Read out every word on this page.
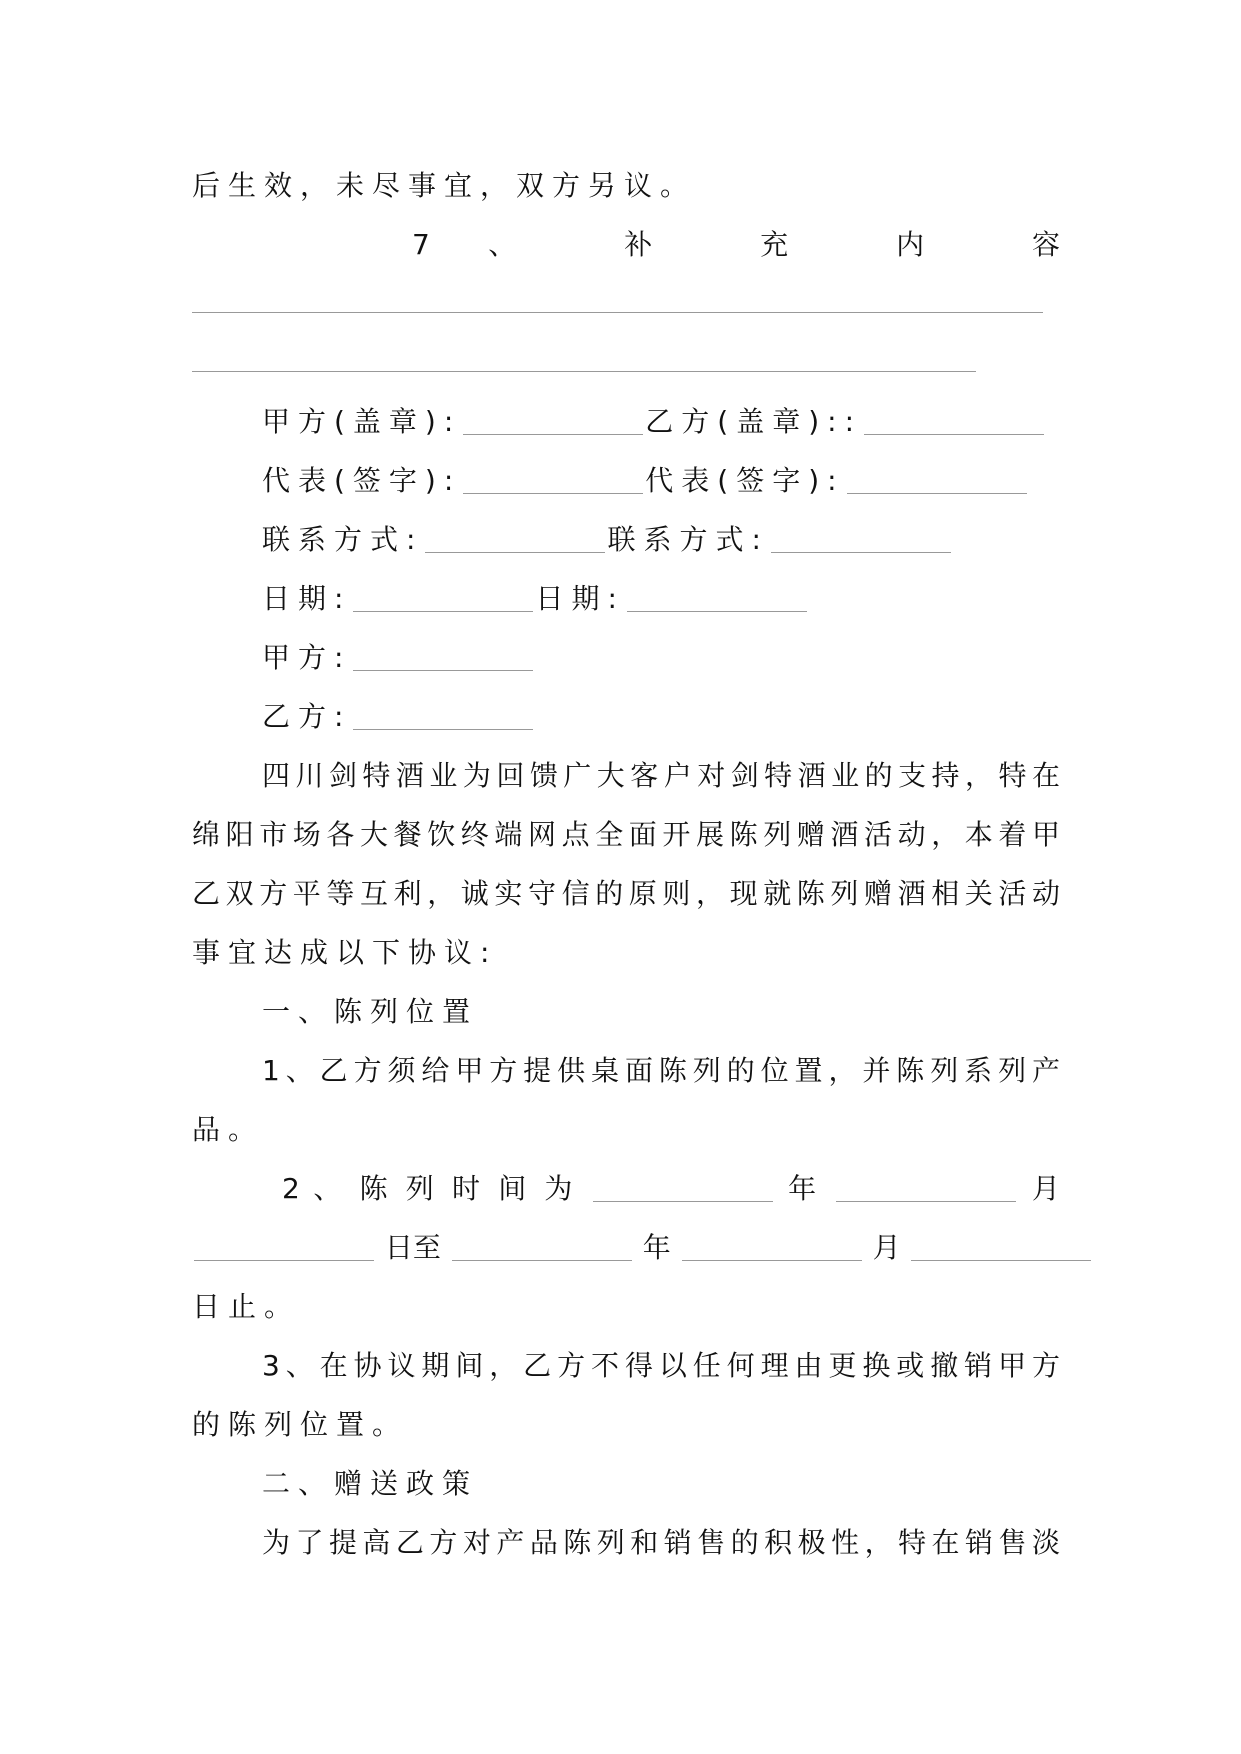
后生效，未尽事宜，双方另议。
7 、 补 充 内 容
甲方(盖章):	乙方(盖章)::
代表(签字):	代表(签字):
联系方式:	联系方式:
日期:	日期:
甲方:
乙方:
四川剑特酒业为回馈广大客户对剑特酒业的支持，特在
绵阳市场各大餐饮终端网点全面开展陈列赠酒活动，本着甲
乙双方平等互利，诚实守信的原则，现就陈列赠酒相关活动
事宜达成以下协议:
一、陈列位置
1、乙方须给甲方提供桌面陈列的位置，并陈列系列产
品。
2 、 陈 列 时 间 为	年	月
日至	年	月
日止。
3、在协议期间，乙方不得以任何理由更换或撤销甲方
的陈列位置。
二、赠送政策
为了提高乙方对产品陈列和销售的积极性，特在销售淡
